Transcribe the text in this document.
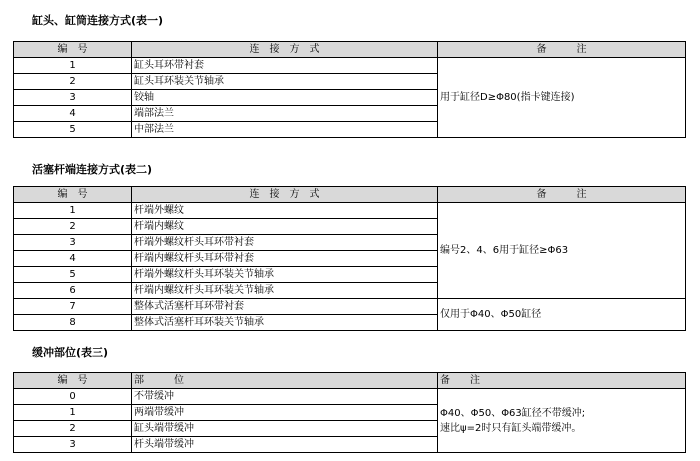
缸头、缸筒连接方式(表一)
编　号	连　接　方　式	备　　　注
1	缸头耳环带衬套	用于缸径D≥Φ80(指卡键连接)
2	缸头耳环装关节轴承	
3	铰轴	
4	端部法兰	
5	中部法兰	
活塞杆端连接方式(表二)
编　号	连　接　方　式	备　　　注
1	杆端外螺纹	编号2、4、6用于缸径≥Φ63
2	杆端内螺纹	
3	杆端外螺纹杆头耳环带衬套	
4	杆端内螺纹杆头耳环带衬套	
5	杆端外螺纹杆头耳环装关节轴承	
6	杆端内螺纹杆头耳环装关节轴承	
7	整体式活塞杆耳环带衬套	仅用于Φ40、Φ50缸径
8	整体式活塞杆耳环装关节轴承	
缓冲部位(表三)
编　号	部　　　位	备　　注
0	不带缓冲	Φ40、Φ50、Φ63缸径不带缓冲;
速比ψ=2时只有缸头端带缓冲。

1	两端带缓冲	
2	缸头端带缓冲	
3	杆头端带缓冲	
